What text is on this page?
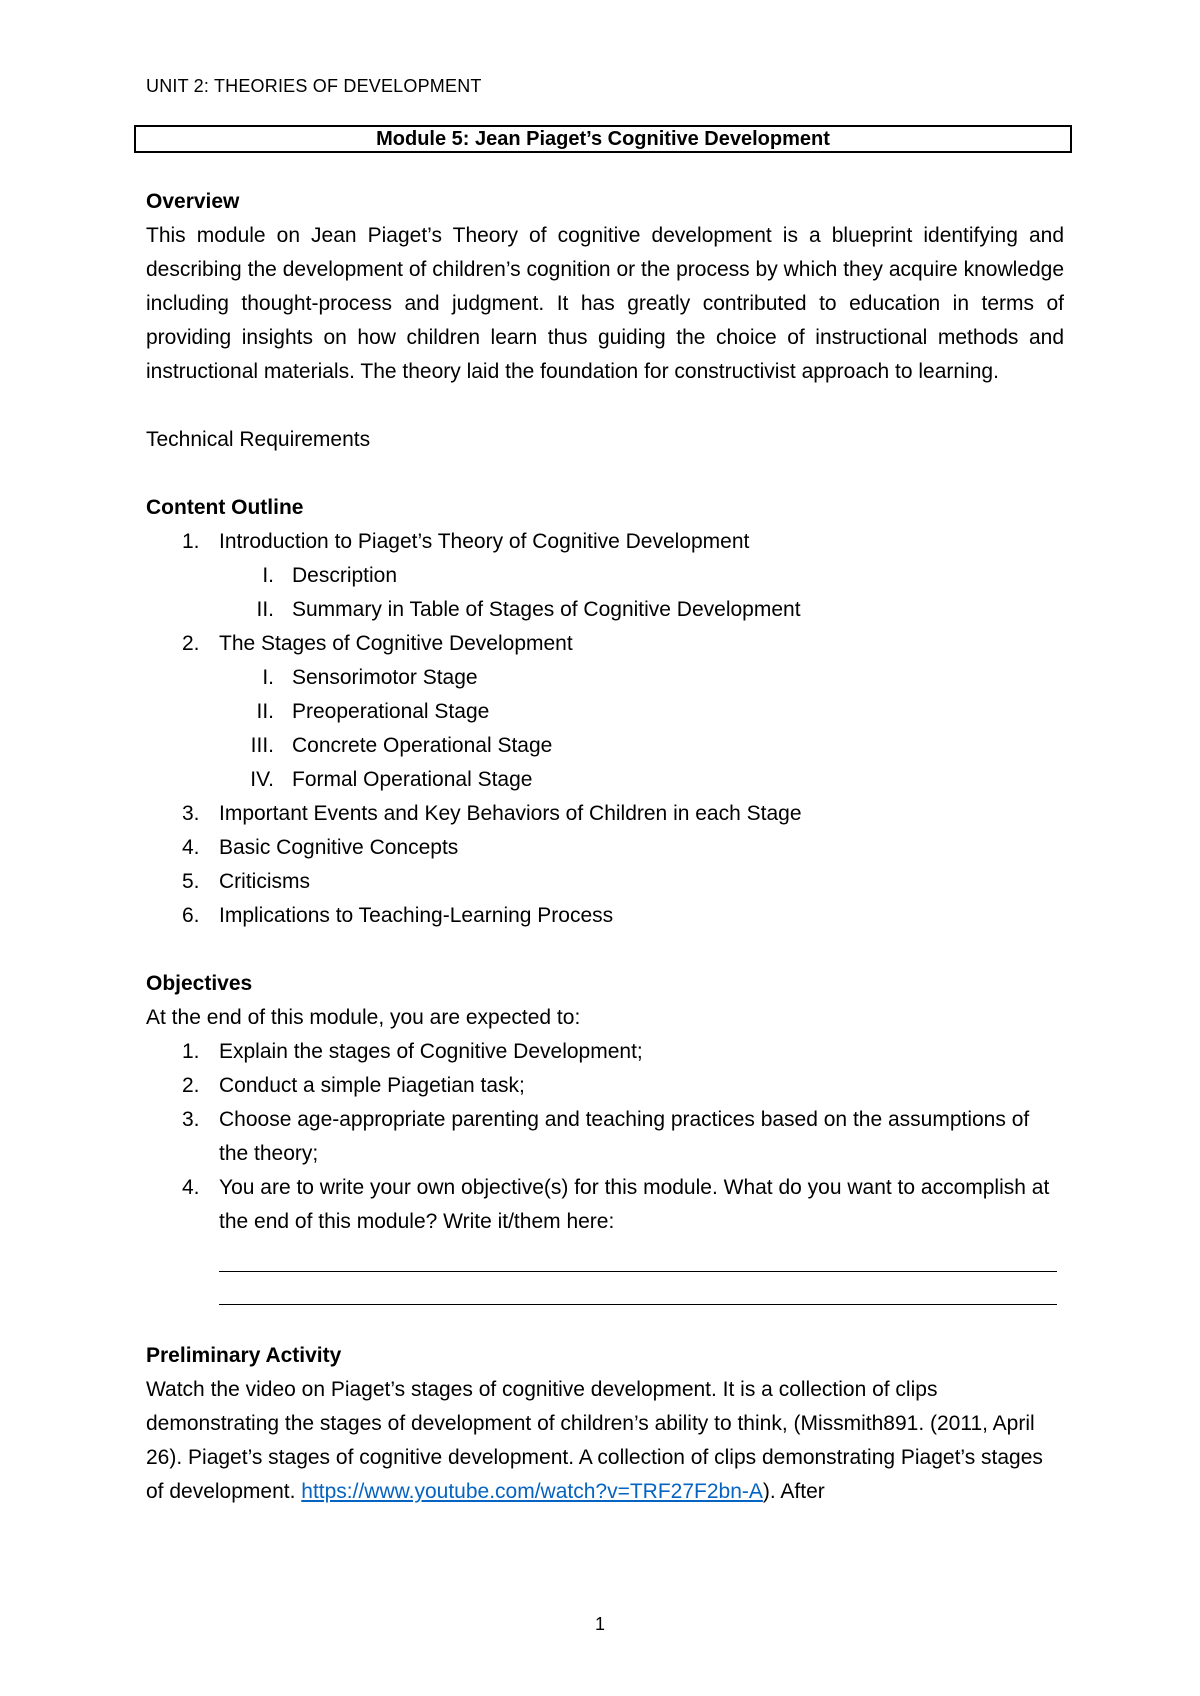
UNIT 2: THEORIES OF DEVELOPMENT
Module 5: Jean Piaget’s Cognitive Development
Overview
This module on Jean Piaget’s Theory of cognitive development is a blueprint identifying and describing the development of children’s cognition or the process by which they acquire knowledge including thought-process and judgment. It has greatly contributed to education in terms of providing insights on how children learn thus guiding the choice of instructional methods and instructional materials. The theory laid the foundation for constructivist approach to learning.
Technical Requirements
Content Outline
1. Introduction to Piaget’s Theory of Cognitive Development
I. Description
II. Summary in Table of Stages of Cognitive Development
2. The Stages of Cognitive Development
I. Sensorimotor Stage
II. Preoperational Stage
III. Concrete Operational Stage
IV. Formal Operational Stage
3. Important Events and Key Behaviors of Children in each Stage
4. Basic Cognitive Concepts
5. Criticisms
6. Implications to Teaching-Learning Process
Objectives
At the end of this module, you are expected to:
1. Explain the stages of Cognitive Development;
2. Conduct a simple Piagetian task;
3. Choose age-appropriate parenting and teaching practices based on the assumptions of the theory;
4. You are to write your own objective(s) for this module. What do you want to accomplish at the end of this module? Write it/them here:
Preliminary Activity
Watch the video on Piaget’s stages of cognitive development. It is a collection of clips demonstrating the stages of development of children’s ability to think, (Missmith891. (2011, April 26). Piaget’s stages of cognitive development. A collection of clips demonstrating Piaget’s stages of development. https://www.youtube.com/watch?v=TRF27F2bn-A). After
1
